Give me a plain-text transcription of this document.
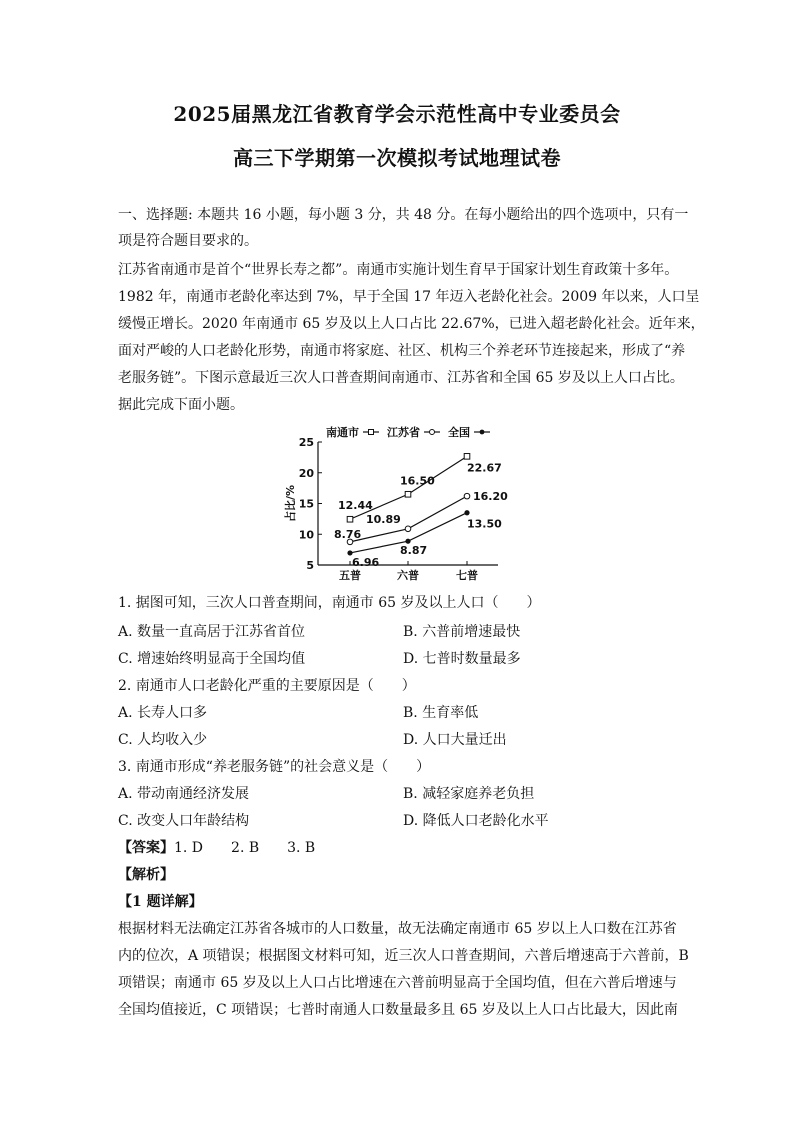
2025届黑龙江省教育学会示范性高中专业委员会
高三下学期第一次模拟考试地理试卷
一、选择题: 本题共 16 小题，每小题 3 分，共 48 分。在每小题给出的四个选项中，只有一
项是符合题目要求的。
江苏省南通市是首个“世界长寿之都”。南通市实施计划生育早于国家计划生育政策十多年。
1982 年，南通市老龄化率达到 7%，早于全国 17 年迈入老龄化社会。2009 年以来，人口呈
缓慢正增长。2020 年南通市 65 岁及以上人口占比 22.67%，已进入超老龄化社会。近年来，
面对严峻的人口老龄化形势，南通市将家庭、社区、机构三个养老环节连接起来，形成了“养
老服务链”。下图示意最近三次人口普查期间南通市、江苏省和全国 65 岁及以上人口占比。
据此完成下面小题。
5
10
15
20
25
五普	六普	七普
占比/%	12.44
16.50
22.67
8.76
10.89
16.20
6.96
8.87
13.50
南通市	江苏省	全国
1. 据图可知，三次人口普查期间，南通市 65 岁及以上人口（　　）
A. 数量一直高居于江苏省首位	B. 六普前增速最快
C. 增速始终明显高于全国均值	D. 七普时数量最多
2. 南通市人口老龄化严重的主要原因是（　　）
A. 长寿人口多	B. 生育率低
C. 人均收入少	D. 人口大量迁出
3. 南通市形成“养老服务链”的社会意义是（　　）
A. 带动南通经济发展	B. 减轻家庭养老负担
C. 改变人口年龄结构	D. 降低人口老龄化水平
【答案】1. D　　2. B　　3. B
【解析】
【1 题详解】
根据材料无法确定江苏省各城市的人口数量，故无法确定南通市 65 岁以上人口数在江苏省
内的位次，A 项错误；根据图文材料可知，近三次人口普查期间，六普后增速高于六普前，B
项错误；南通市 65 岁及以上人口占比增速在六普前明显高于全国均值，但在六普后增速与
全国均值接近，C 项错误；七普时南通人口数量最多且 65 岁及以上人口占比最大，因此南
